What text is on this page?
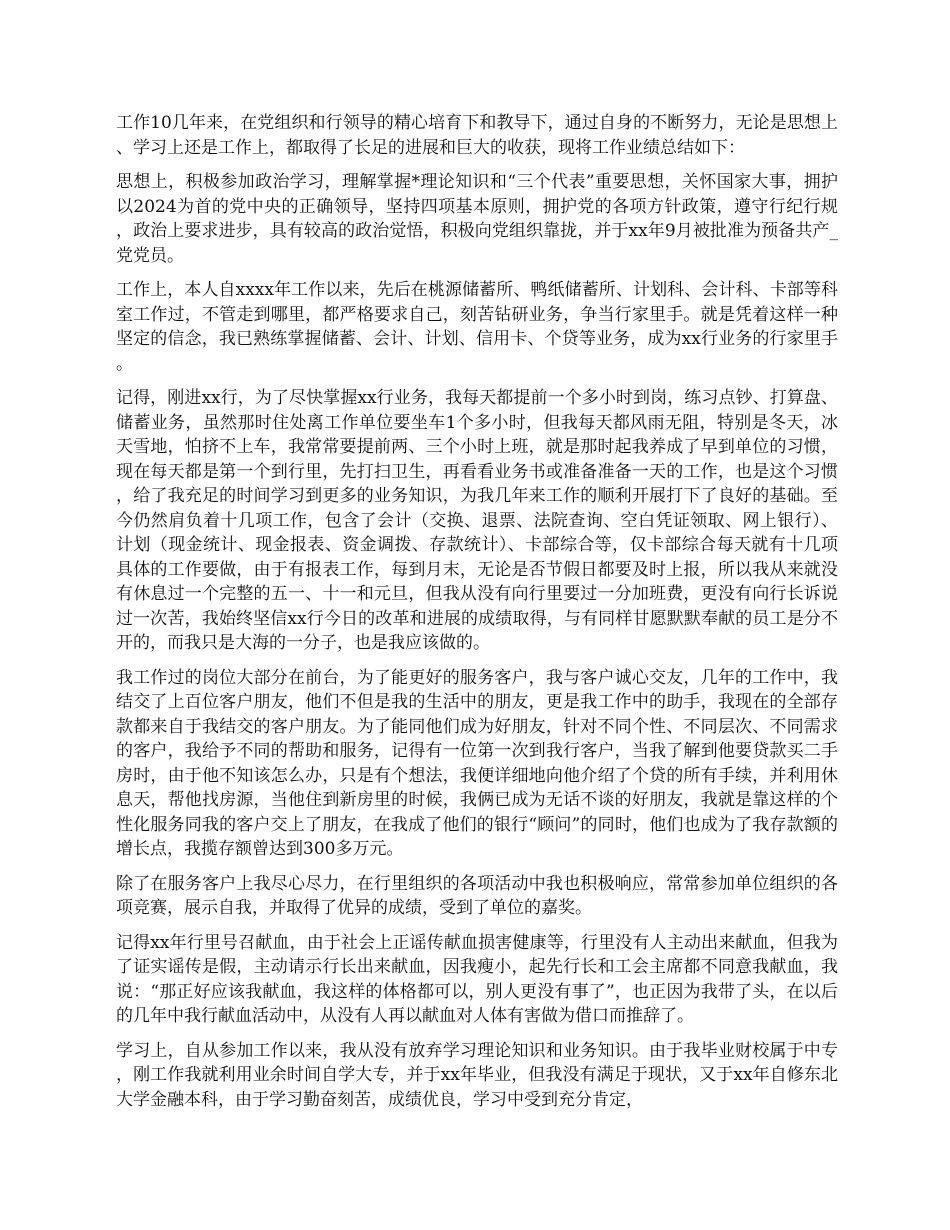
工作10几年来，在党组织和行领导的精心培育下和教导下，通过自身的不断努力，无论是思想上、学习上还是工作上，都取得了长足的进展和巨大的收获，现将工作业绩总结如下：

思想上，积极参加政治学习，理解掌握*理论知识和“三个代表”重要思想，关怀国家大事，拥护以2024为首的党中央的正确领导，坚持四项基本原则，拥护党的各项方针政策，遵守行纪行规，政治上要求进步，具有较高的政治觉悟，积极向党组织靠拢，并于xx年9月被批准为预备共产_党党员。

工作上，本人自xxxx年工作以来，先后在桃源储蓄所、鸭纸储蓄所、计划科、会计科、卡部等科室工作过，不管走到哪里，都严格要求自己，刻苦钻研业务，争当行家里手。就是凭着这样一种坚定的信念，我已熟练掌握储蓄、会计、计划、信用卡、个贷等业务，成为xx行业务的行家里手。

记得，刚进xx行，为了尽快掌握xx行业务，我每天都提前一个多小时到岗，练习点钞、打算盘、储蓄业务，虽然那时住处离工作单位要坐车1个多小时，但我每天都风雨无阻，特别是冬天，冰天雪地，怕挤不上车，我常常要提前两、三个小时上班，就是那时起我养成了早到单位的习惯，现在每天都是第一个到行里，先打扫卫生，再看看业务书或准备准备一天的工作，也是这个习惯，给了我充足的时间学习到更多的业务知识，为我几年来工作的顺利开展打下了良好的基础。至今仍然肩负着十几项工作，包含了会计（交换、退票、法院查询、空白凭证领取、网上银行）、计划（现金统计、现金报表、资金调拨、存款统计）、卡部综合等，仅卡部综合每天就有十几项具体的工作要做，由于有报表工作，每到月末，无论是否节假日都要及时上报，所以我从来就没有休息过一个完整的五一、十一和元旦，但我从没有向行里要过一分加班费，更没有向行长诉说过一次苦，我始终坚信xx行今日的改革和进展的成绩取得，与有同样甘愿默默奉献的员工是分不开的，而我只是大海的一分子，也是我应该做的。

我工作过的岗位大部分在前台，为了能更好的服务客户，我与客户诚心交友，几年的工作中，我结交了上百位客户朋友，他们不但是我的生活中的朋友，更是我工作中的助手，我现在的全部存款都来自于我结交的客户朋友。为了能同他们成为好朋友，针对不同个性、不同层次、不同需求的客户，我给予不同的帮助和服务，记得有一位第一次到我行客户，当我了解到他要贷款买二手房时，由于他不知该怎么办，只是有个想法，我便详细地向他介绍了个贷的所有手续，并利用休息天，帮他找房源，当他住到新房里的时候，我俩已成为无话不谈的好朋友，我就是靠这样的个性化服务同我的客户交上了朋友，在我成了他们的银行“顾问”的同时，他们也成为了我存款额的增长点，我揽存额曾达到300多万元。

除了在服务客户上我尽心尽力，在行里组织的各项活动中我也积极响应，常常参加单位组织的各项竞赛，展示自我，并取得了优异的成绩，受到了单位的嘉奖。

记得xx年行里号召献血，由于社会上正谣传献血损害健康等，行里没有人主动出来献血，但我为了证实谣传是假，主动请示行长出来献血，因我瘦小，起先行长和工会主席都不同意我献血，我说：“那正好应该我献血，我这样的体格都可以，别人更没有事了”，也正因为我带了头，在以后的几年中我行献血活动中，从没有人再以献血对人体有害做为借口而推辞了。

学习上，自从参加工作以来，我从没有放弃学习理论知识和业务知识。由于我毕业财校属于中专，刚工作我就利用业余时间自学大专，并于xx年毕业，但我没有满足于现状，又于xx年自修东北大学金融本科，由于学习勤奋刻苦，成绩优良，学习中受到充分肯定，
